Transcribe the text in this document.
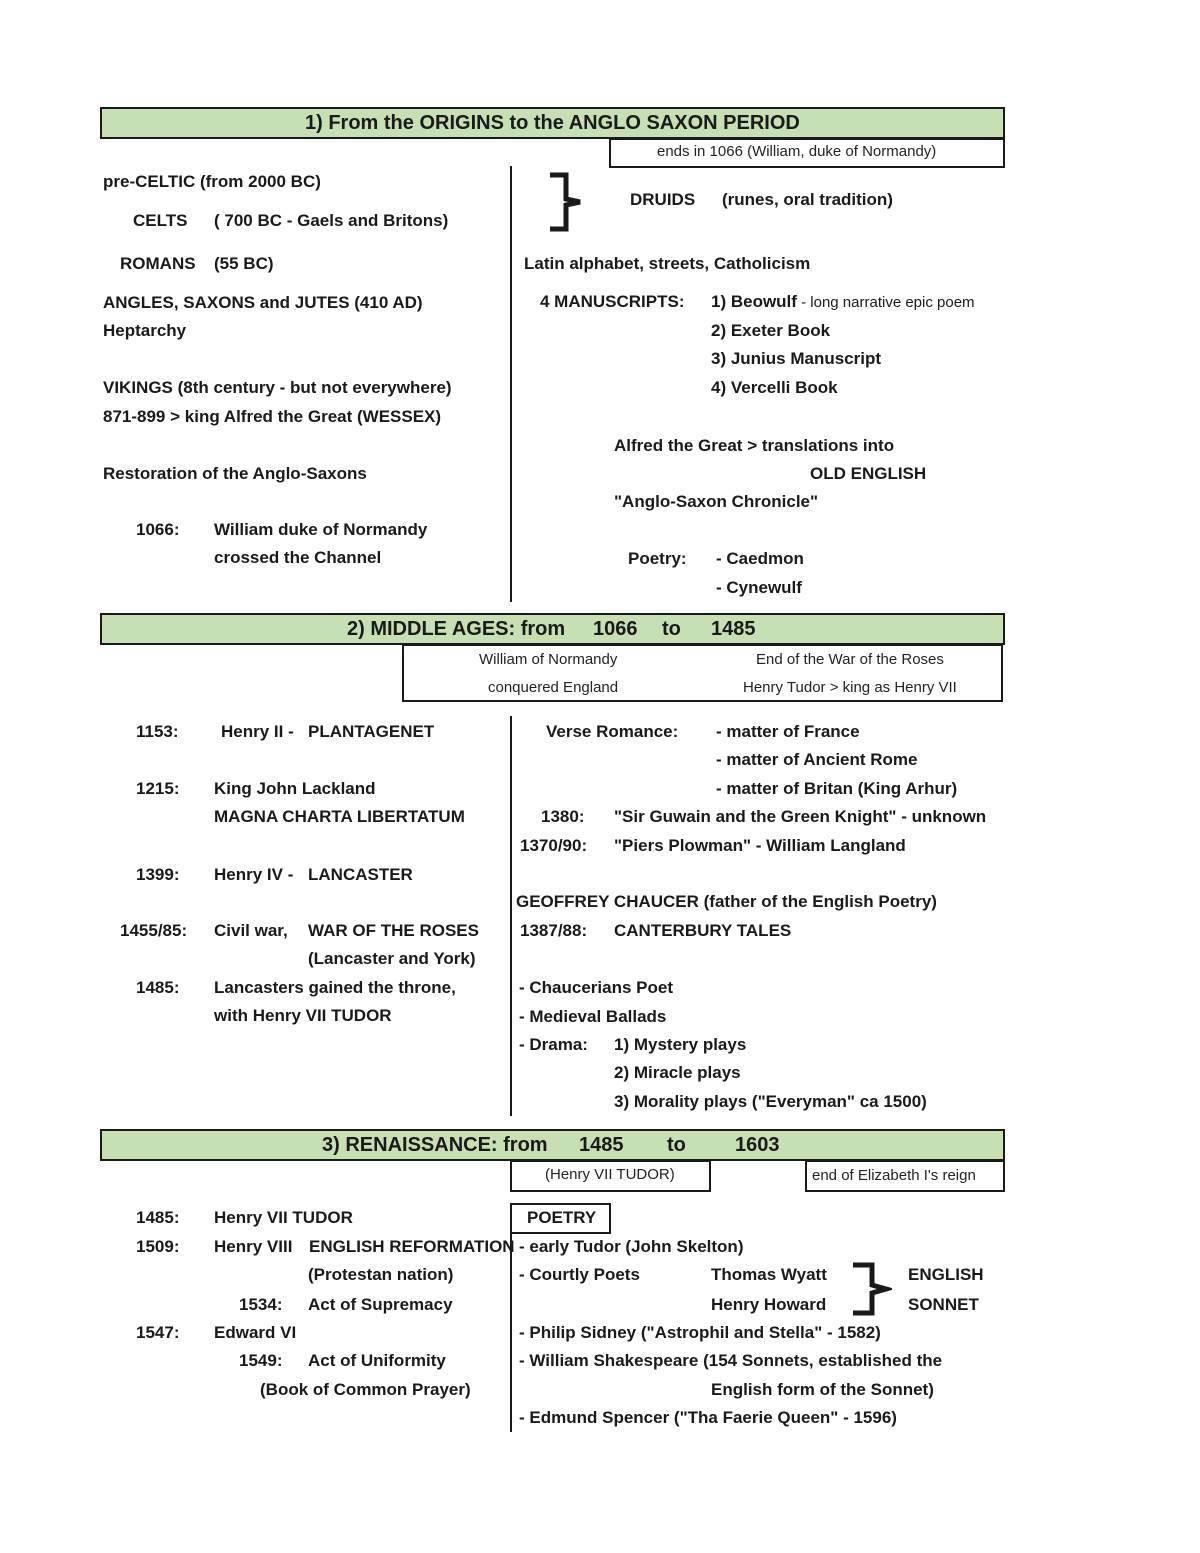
1) From the ORIGINS to the ANGLO SAXON PERIOD
ends in 1066 (William, duke of Normandy)
pre-CELTIC (from 2000 BC)
CELTS ( 700 BC - Gaels and Britons)
ROMANS (55 BC)
ANGLES, SAXONS and JUTES (410 AD)
Heptarchy
VIKINGS (8th century - but not everywhere)
871-899 > king Alfred the Great (WESSEX)
Restoration of the Anglo-Saxons
1066: William duke of Normandy
crossed the Channel
DRUIDS (runes, oral tradition)
Latin alphabet, streets, Catholicism
4 MANUSCRIPTS: 1) Beowulf - long narrative epic poem
2) Exeter Book
3) Junius Manuscript
4) Vercelli Book
Alfred the Great > translations into
OLD ENGLISH
"Anglo-Saxon Chronicle"
Poetry: - Caedmon
- Cynewulf
2) MIDDLE AGES: from 1066 to 1485
William of Normandy
conquered England
End of the War of the Roses
Henry Tudor > king as Henry VII
1153: Henry II - PLANTAGENET
1215: King John Lackland
MAGNA CHARTA LIBERTATUM
1399: Henry IV - LANCASTER
1455/85: Civil war, WAR OF THE ROSES
(Lancaster and York)
1485: Lancasters gained the throne,
with Henry VII TUDOR
Verse Romance: - matter of France
- matter of Ancient Rome
- matter of Britan (King Arhur)
1380: "Sir Guwain and the Green Knight" - unknown
1370/90: "Piers Plowman" - William Langland
GEOFFREY CHAUCER (father of the English Poetry)
1387/88: CANTERBURY TALES
- Chaucerians Poet
- Medieval Ballads
- Drama: 1) Mystery plays
2) Miracle plays
3) Morality plays ("Everyman" ca 1500)
3) RENAISSANCE: from 1485 to 1603
(Henry VII TUDOR)	end of Elizabeth I's reign
1485: Henry VII TUDOR
1509: Henry VIII ENGLISH REFORMATION
(Protestan nation)
1534: Act of Supremacy
1547: Edward VI
1549: Act of Uniformity
(Book of Common Prayer)
POETRY
- early Tudor (John Skelton)
- Courtly Poets	Thomas Wyatt
Henry Howard
ENGLISH
SONNET
- Philip Sidney ("Astrophil and Stella" - 1582)
- William Shakespeare (154 Sonnets, established the
English form of the Sonnet)
- Edmund Spencer ("Tha Faerie Queen" - 1596)
